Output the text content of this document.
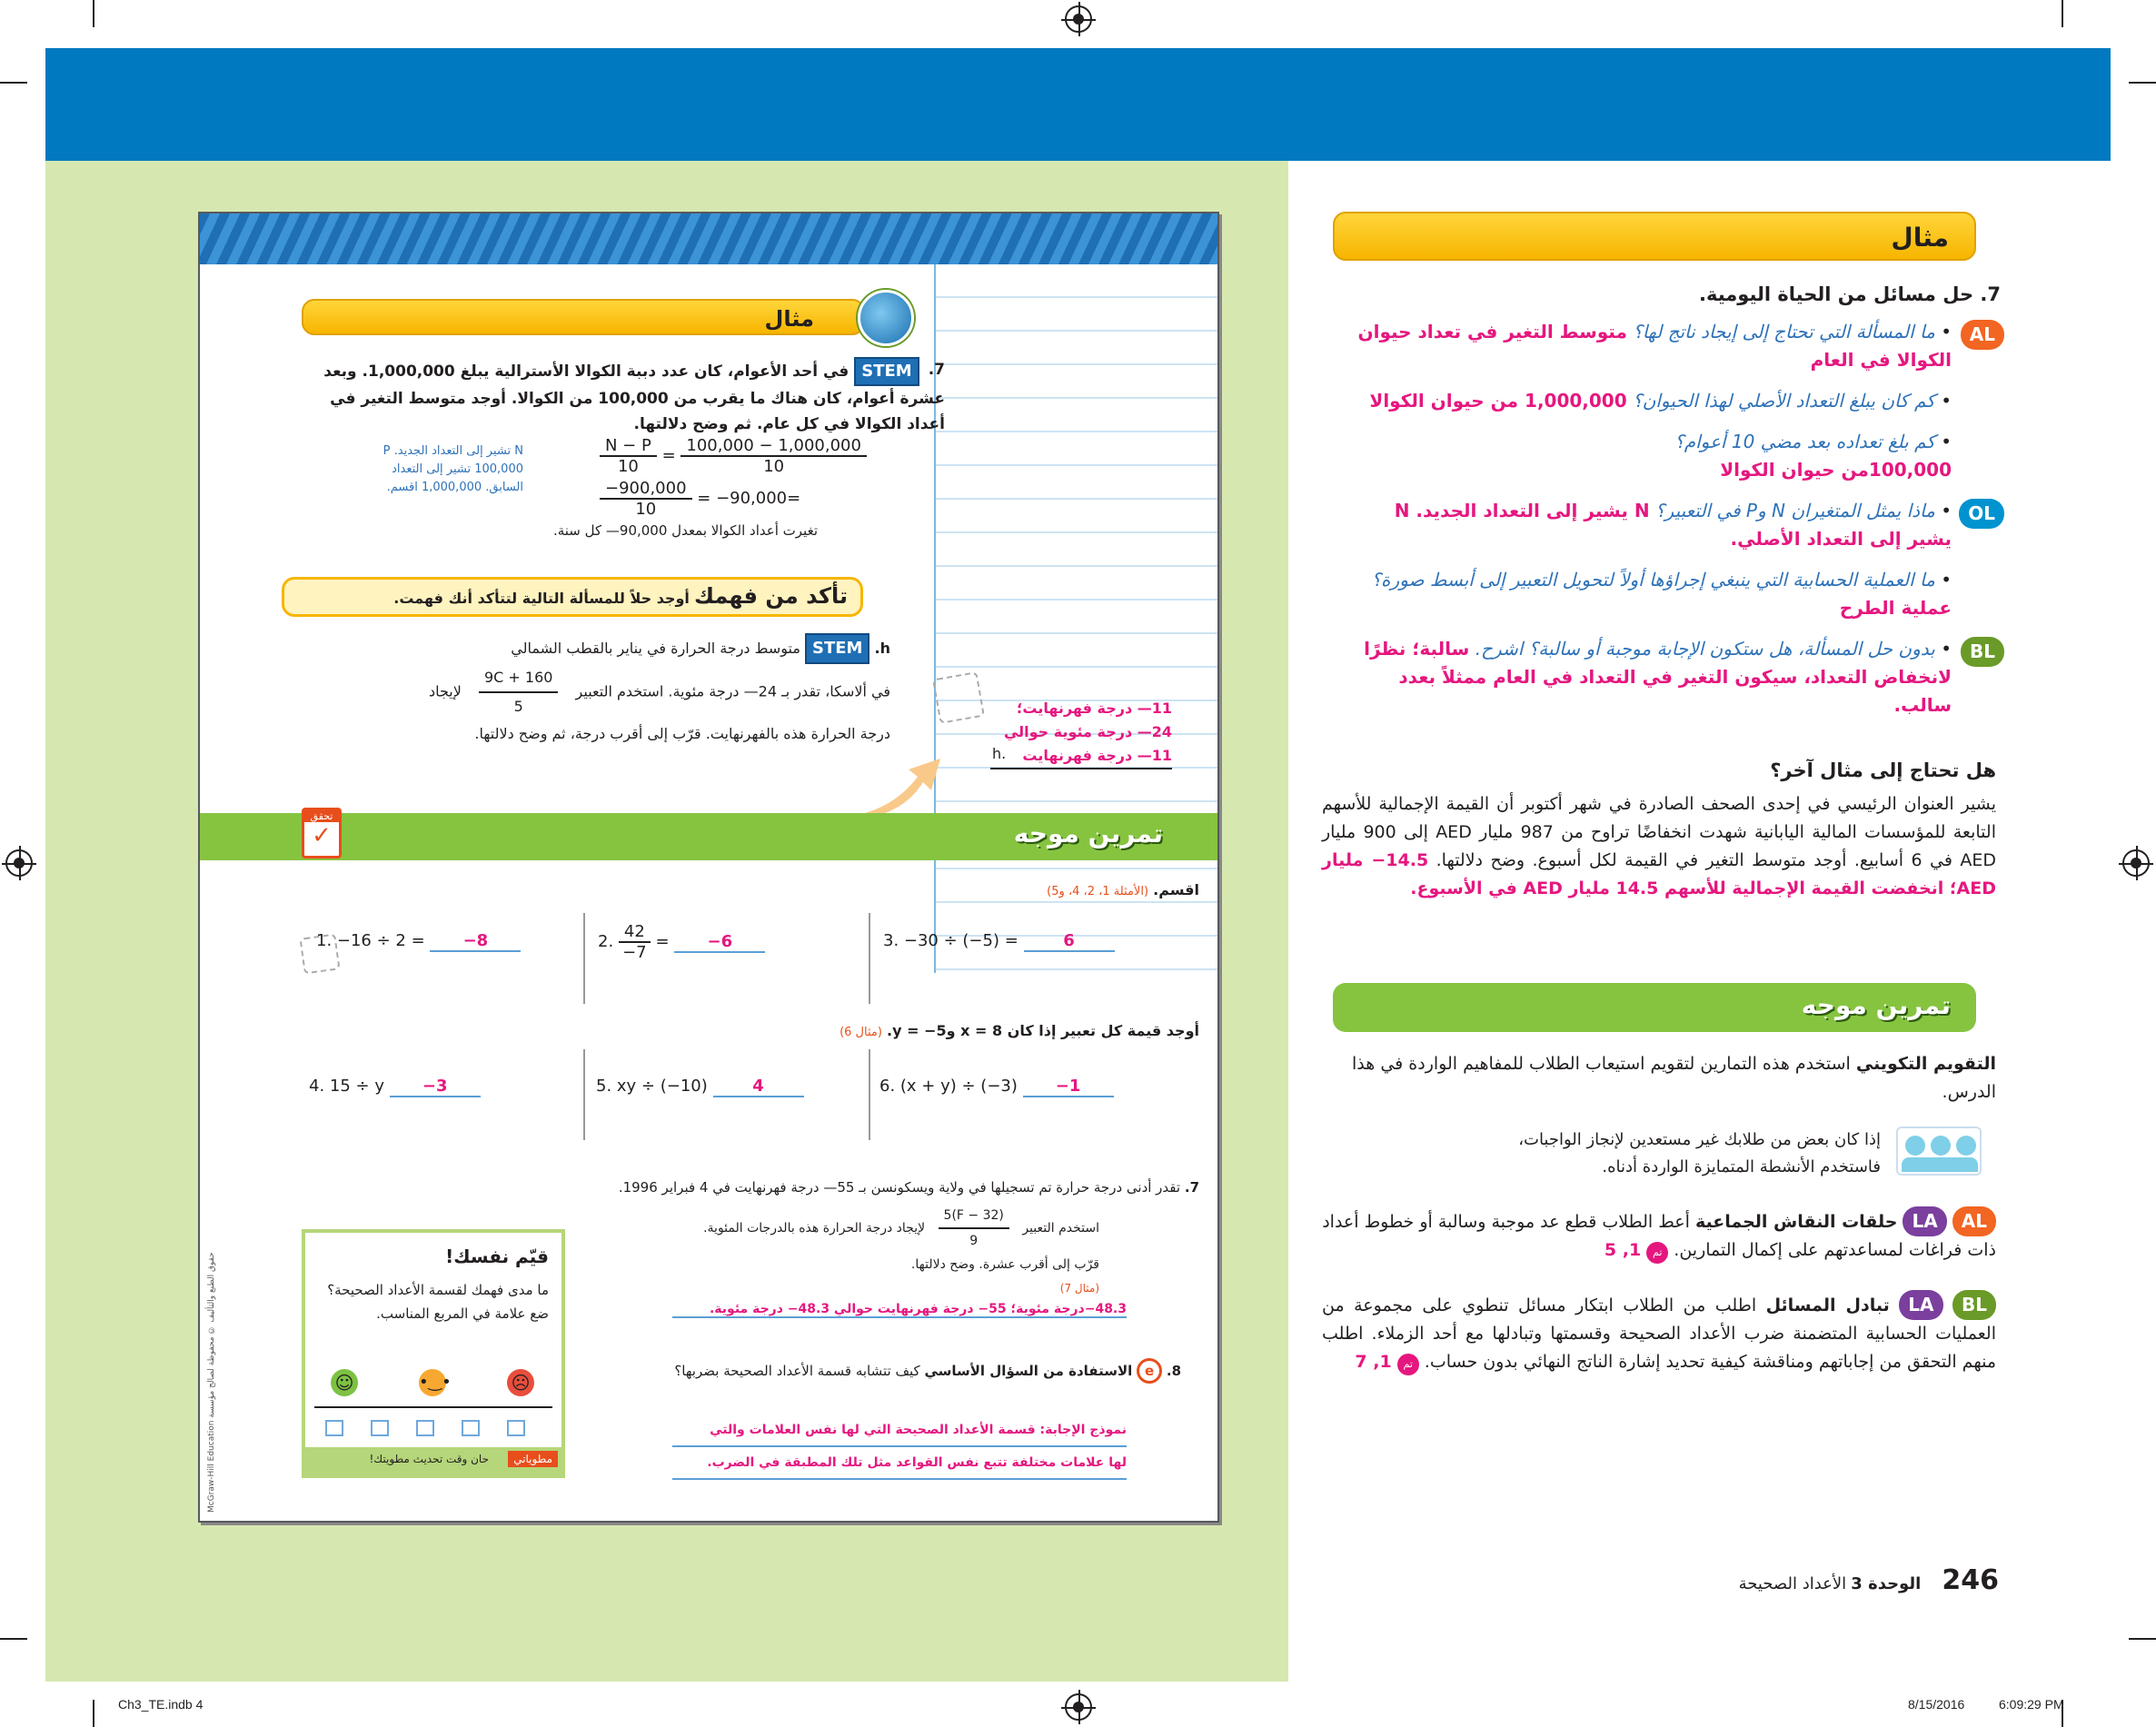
مثال
7.
STEM في أحد الأعوام، كان عدد دببة الكوالا الأسترالية يبلغ 1,000,000. وبعد عشرة أعوام، كان هناك ما يقرب من 100,000 من الكوالا. أوجد متوسط التغير في أعداد الكوالا في كل عام. ثم وضح دلالتها.
$\frac{N - P}{10} = \frac{100,000 - 1,000,000}{10}$
$\frac{-900,000}{10} = -90,000=$
N تشير إلى التعداد الجديد. P 100,000 تشير إلى التعداد السابق. 1,000,000 اقسم.
تغيرت أعداد الكوالا بمعدل 90,000— كل سنة.
تأكد من فهمك أوجد حلاً للمسألة التالية لتتأكد أنك فهمت.
h. STEM متوسط درجة الحرارة في يناير بالقطب الشمالي
في ألاسكا، تقدر بـ 24— درجة مئوية. استخدم التعبير
$\frac{9C + 160}{5}$
لإيجاد
درجة الحرارة هذه بالفهرنهايت. قرّب إلى أقرب درجة، ثم وضح دلالتها.
11— درجة فهرنهايت؛
24— درجة مئوية حوالي
11— درجة فهرنهايت
h.
تمرين موجه
تحقق
✓
اقسم. (الأمثلة 1، 2، 4، و5)
1. −16 ÷ 2 = −8	2. $\frac{42}{-7} = -6$	3. −30 ÷ (−5) =	6
أوجد قيمة كل تعبير إذا كان x = 8 و5− = y. (مثال 6)
4. 15 ÷ y −3	5. xy ÷ (−10)	4	6. (x + y) ÷ (−3) −1
7. تقدر أدنى درجة حرارة تم تسجيلها في ولاية ويسكونسن بـ 55— درجة فهرنهايت في 4 فبراير 1996.
استخدم التعبير
$\frac{5(F - 32)}{9}$
لإيجاد درجة الحرارة هذه بالدرجات المئوية.
قرّب إلى أقرب عشرة. وضح دلالتها.
(مثال 7)
48.3−درجة مئوية؛ 55− درجة فهرنهايت حوالي 48.3− درجة مئوية.
8. e الاستفادة من السؤال الأساسي كيف تتشابه قسمة الأعداد الصحيحة بضربها؟
نموذج الإجابة: قسمة الأعداد الصحيحة التي لها نفس العلامات والتي
لها علامات مختلفة تتبع نفس القواعد مثل تلك المطبقة في الضرب.
قيّم نفسك!
ما مدى فهمك لقسمة الأعداد الصحيحة؟ ضع علامة في المربع المناسب.
☺	•‿•	☹
مطوياتي
حان وقت تحديث مطويتك!
McGraw-Hill Education حقوق الطبع والتأليف © محفوظة لصالح مؤسسة
مثال
7. حل مسائل من الحياة اليومية.
AL
• ما المسألة التي تحتاج إلى إيجاد ناتج لها؟ متوسط التغير في تعداد حيوان الكوالا في العام
• كم كان يبلغ التعداد الأصلي لهذا الحيوان؟ 1,000,000 من حيوان الكوالا
• كم بلغ تعداده بعد مضي 10 أعوام؟
100,000من حيوان الكوالا
OL
• ماذا يمثل المتغيران N وP في التعبير؟ N يشير إلى التعداد الجديد. N يشير إلى التعداد الأصلي.
• ما العملية الحسابية التي ينبغي إجراؤها أولاً لتحويل التعبير إلى أبسط صورة؟ عملية الطرح
BL
• بدون حل المسألة، هل ستكون الإجابة موجبة أو سالبة؟ اشرح. سالبة؛ نظرًا لانخفاض التعداد، سيكون التغير في التعداد في العام ممثلاً بعدد سالب.
هل تحتاج إلى مثال آخر؟
يشير العنوان الرئيسي في إحدى الصحف الصادرة في شهر أكتوبر أن القيمة الإجمالية للأسهم التابعة للمؤسسات المالية اليابانية شهدت انخفاضًا تراوح من 987 مليار AED إلى 900 مليار AED في 6 أسابيع. أوجد متوسط التغير في القيمة لكل أسبوع. وضح دلالتها. 14.5− مليار AED؛ انخفضت القيمة الإجمالية للأسهم 14.5 مليار AED في الأسبوع.
تمرين موجه
التقويم التكويني استخدم هذه التمارين لتقويم استيعاب الطلاب للمفاهيم الواردة في هذا الدرس.
إذا كان بعض من طلابك غير مستعدين لإنجاز الواجبات، فاستخدم الأنشطة المتمايزة الواردة أدناه.
AL LA حلقات النقاش الجماعية أعط الطلاب قطع عد موجبة وسالبة أو خطوط أعداد ذات فراغات لمساعدتهم على إكمال التمارين. تم 1, 5
BL LA تبادل المسائل اطلب من الطلاب ابتكار مسائل تنطوي على مجموعة من العمليات الحسابية المتضمنة ضرب الأعداد الصحيحة وقسمتها وتبادلها مع أحد الزملاء. اطلب منهم التحقق من إجاباتهم ومناقشة كيفية تحديد إشارة الناتج النهائي بدون حساب. تم 1, 7
246 الوحدة 3 الأعداد الصحيحة
Ch3_TE.indb 4	8/15/2016	6:09:29 PM
